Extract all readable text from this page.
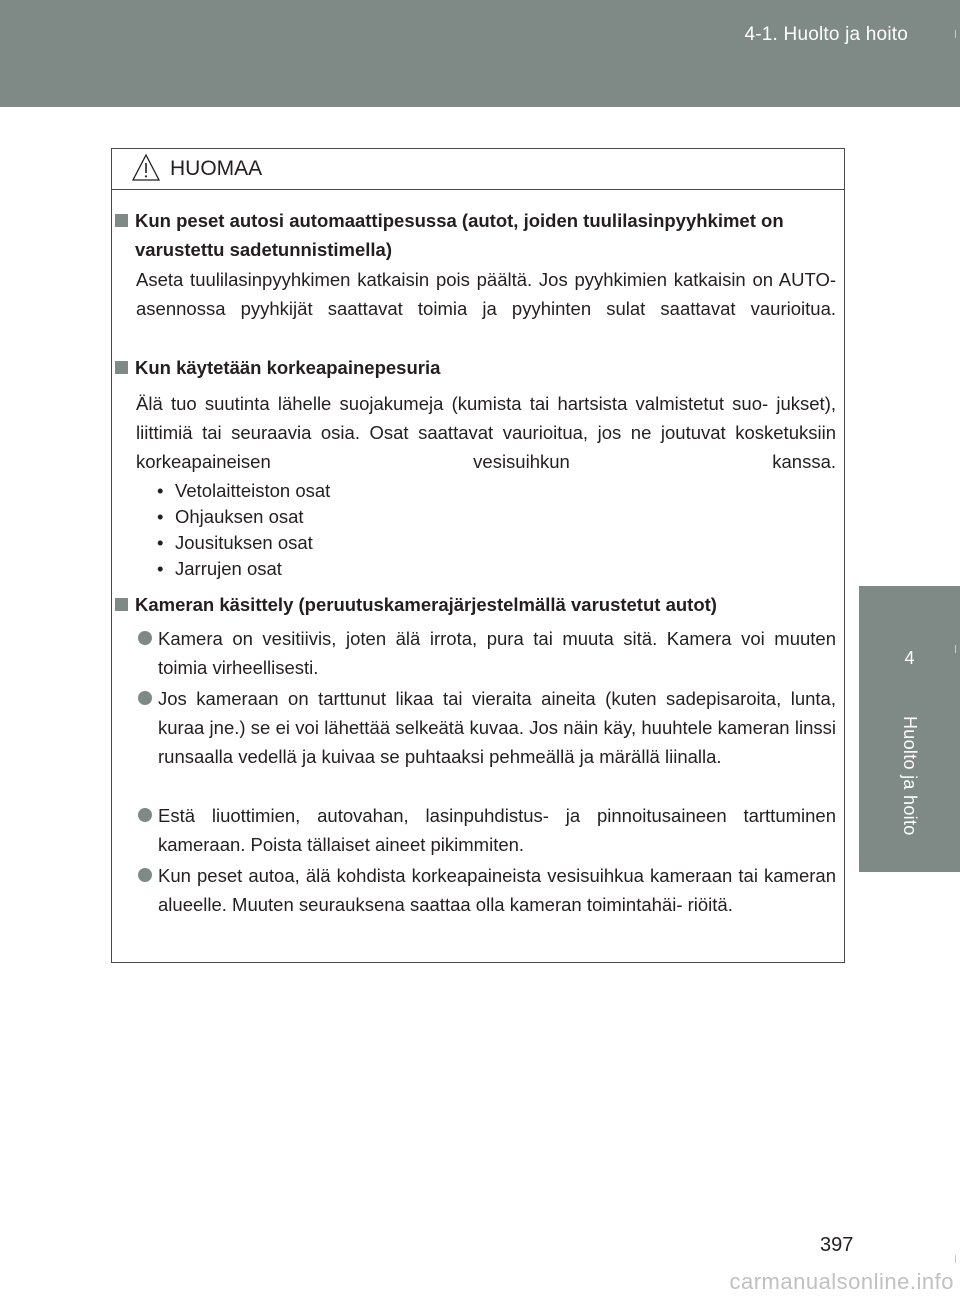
4-1. Huolto ja hoito
4
Huolto ja hoito
HUOMAA
Kun peset autosi automaattipesussa (autot, joiden tuulilasinpyyhkimet on varustettu sadetunnistimella)
Aseta tuulilasinpyyhkimen katkaisin pois päältä. Jos pyyhkimien katkaisin on AUTO-asennossa pyyhkijät saattavat toimia ja pyyhinten sulat saattavat vaurioitua.
Kun käytetään korkeapainepesuria
Älä tuo suutinta lähelle suojakumeja (kumista tai hartsista valmistetut suo- jukset), liittimiä tai seuraavia osia. Osat saattavat vaurioitua, jos ne joutuvat kosketuksiin korkeapaineisen vesisuihkun kanssa.
• Vetolaitteiston osat
• Ohjauksen osat
• Jousituksen osat
• Jarrujen osat
Kameran käsittely (peruutuskamerajärjestelmällä varustetut autot)
Kamera on vesitiivis, joten älä irrota, pura tai muuta sitä. Kamera voi muuten toimia virheellisesti.
Jos kameraan on tarttunut likaa tai vieraita aineita (kuten sadepisaroita, lunta, kuraa jne.) se ei voi lähettää selkeätä kuvaa. Jos näin käy, huuhtele kameran linssi runsaalla vedellä ja kuivaa se puhtaaksi pehmeällä ja märällä liinalla.
Estä liuottimien, autovahan, lasinpuhdistus- ja pinnoitusaineen tarttuminen kameraan. Poista tällaiset aineet pikimmiten.
Kun peset autoa, älä kohdista korkeapaineista vesisuihkua kameraan tai kameran alueelle. Muuten seurauksena saattaa olla kameran toimintahäi- riöitä.
397
carmanualsonline.info
